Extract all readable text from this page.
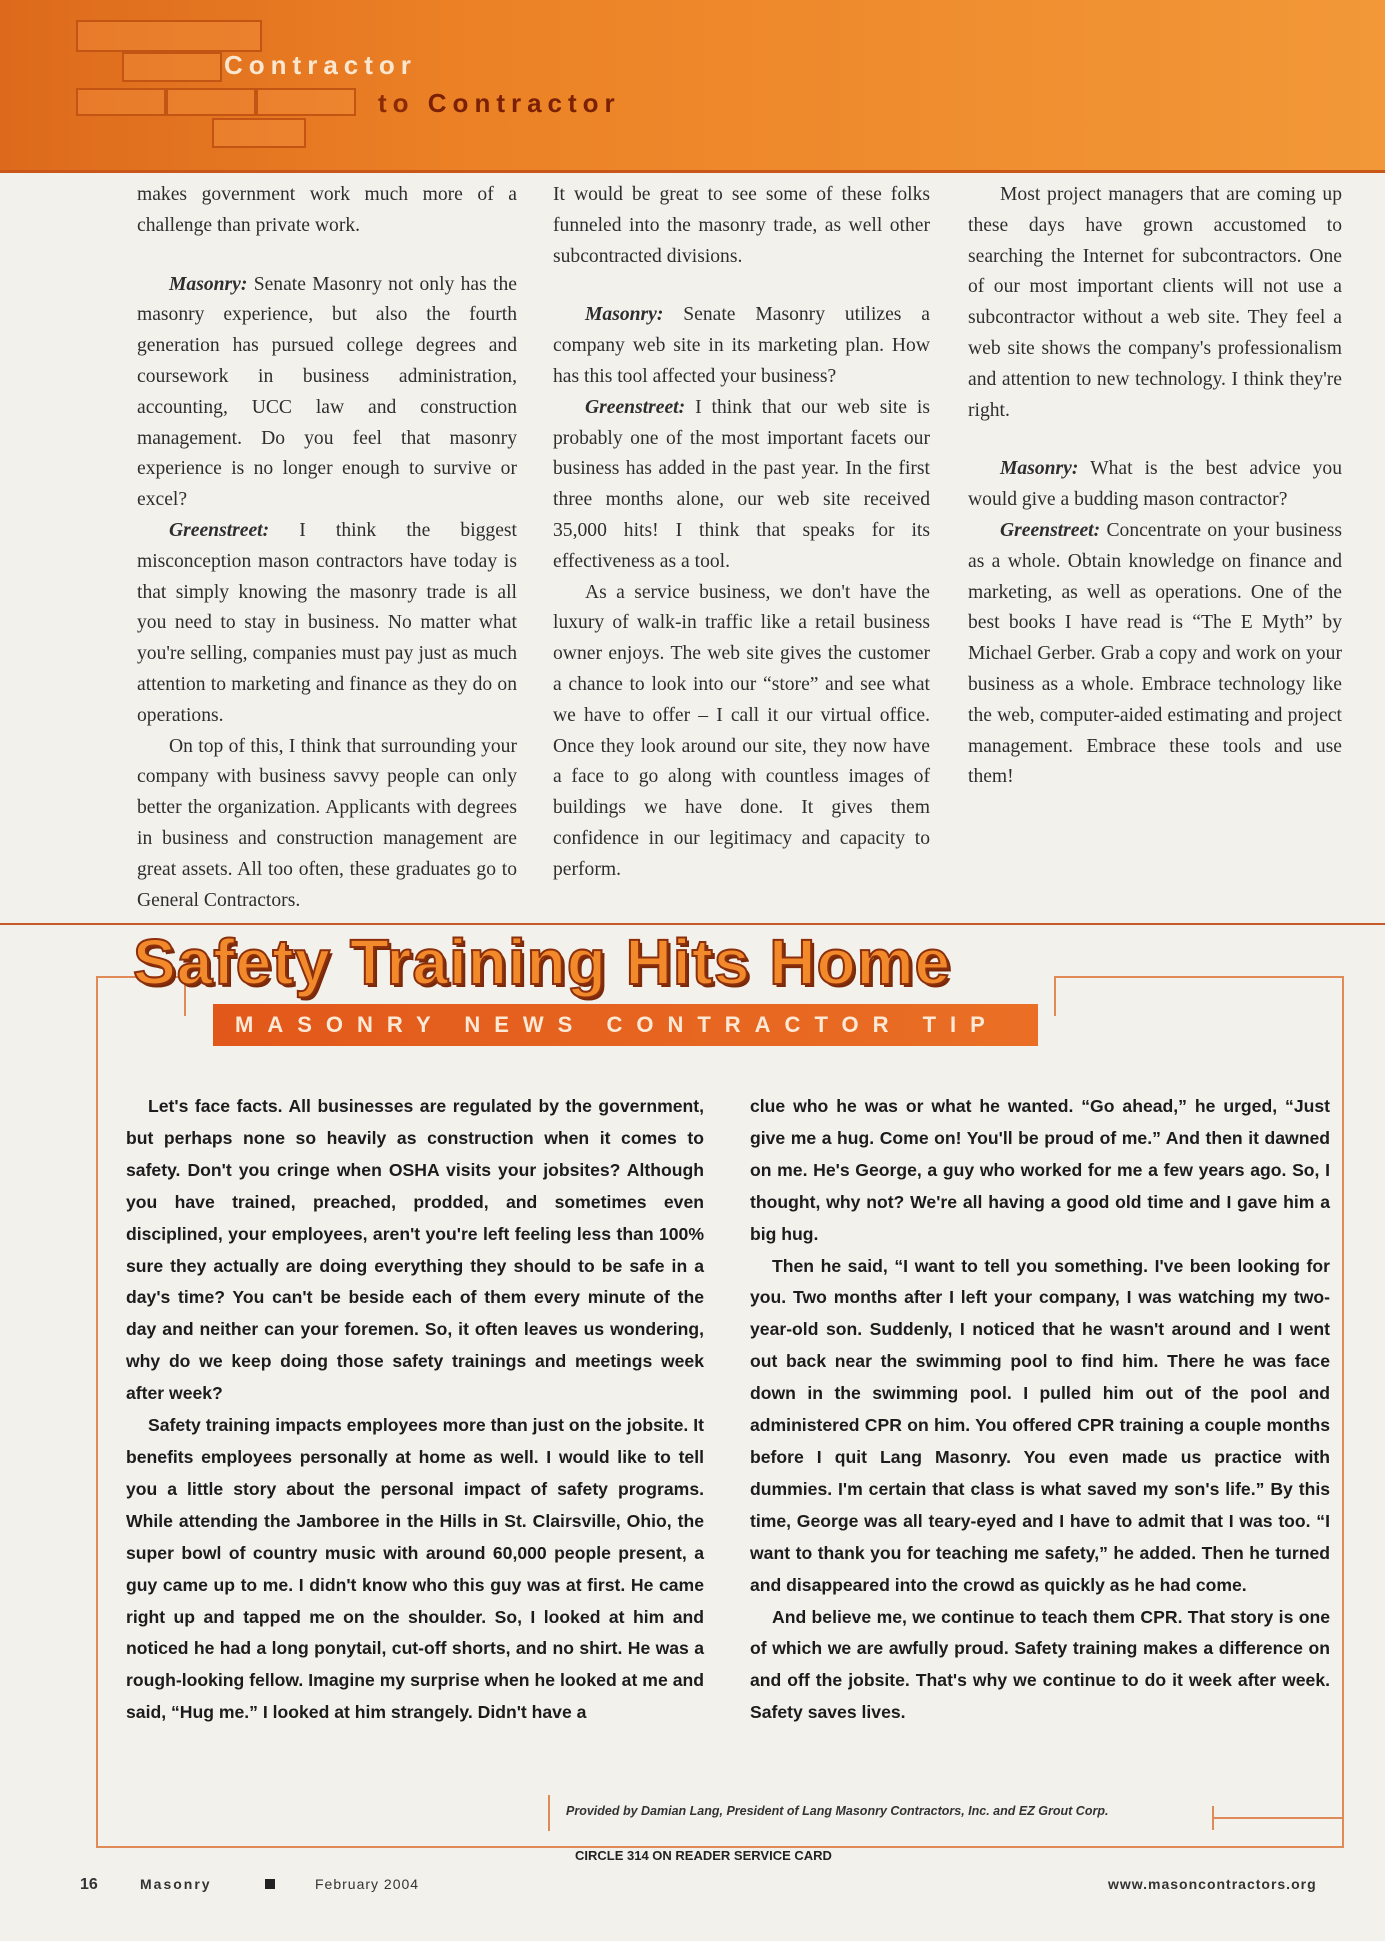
Contractor
to Contractor

makes government work much more of a challenge than private work.

Masonry: Senate Masonry not only has the masonry experience, but also the fourth generation has pursued college degrees and coursework in business administration, accounting, UCC law and construction management. Do you feel that masonry experience is no longer enough to survive or excel?

Greenstreet: I think the biggest misconception mason contractors have today is that simply knowing the masonry trade is all you need to stay in business. No matter what you're selling, companies must pay just as much attention to marketing and finance as they do on operations.

On top of this, I think that surrounding your company with business savvy people can only better the organization. Applicants with degrees in business and construction management are great assets. All too often, these graduates go to General Contractors.

It would be great to see some of these folks funneled into the masonry trade, as well other subcontracted divisions.

Masonry: Senate Masonry utilizes a company web site in its marketing plan. How has this tool affected your business?

Greenstreet: I think that our web site is probably one of the most important facets our business has added in the past year. In the first three months alone, our web site received 35,000 hits! I think that speaks for its effectiveness as a tool.

As a service business, we don't have the luxury of walk-in traffic like a retail business owner enjoys. The web site gives the customer a chance to look into our “store” and see what we have to offer – I call it our virtual office. Once they look around our site, they now have a face to go along with countless images of buildings we have done. It gives them confidence in our legitimacy and capacity to perform.

Most project managers that are coming up these days have grown accustomed to searching the Internet for subcontractors. One of our most important clients will not use a subcontractor without a web site. They feel a web site shows the company's professionalism and attention to new technology. I think they're right.

Masonry: What is the best advice you would give a budding mason contractor?

Greenstreet: Concentrate on your business as a whole. Obtain knowledge on finance and marketing, as well as operations. One of the best books I have read is “The E Myth” by Michael Gerber. Grab a copy and work on your business as a whole. Embrace technology like the web, computer-aided estimating and project management. Embrace these tools and use them!

Safety Training Hits Home
MASONRY NEWS CONTRACTOR TIP

Let's face facts. All businesses are regulated by the government, but perhaps none so heavily as construction when it comes to safety. Don't you cringe when OSHA visits your jobsites? Although you have trained, preached, prodded, and sometimes even disciplined, your employees, aren't you're left feeling less than 100% sure they actually are doing everything they should to be safe in a day's time? You can't be beside each of them every minute of the day and neither can your foremen. So, it often leaves us wondering, why do we keep doing those safety trainings and meetings week after week?

Safety training impacts employees more than just on the jobsite. It benefits employees personally at home as well. I would like to tell you a little story about the personal impact of safety programs. While attending the Jamboree in the Hills in St. Clairsville, Ohio, the super bowl of country music with around 60,000 people present, a guy came up to me. I didn't know who this guy was at first. He came right up and tapped me on the shoulder. So, I looked at him and noticed he had a long ponytail, cut-off shorts, and no shirt. He was a rough-looking fellow. Imagine my surprise when he looked at me and said, “Hug me.” I looked at him strangely. Didn't have a

clue who he was or what he wanted. “Go ahead,” he urged, “Just give me a hug. Come on! You'll be proud of me.” And then it dawned on me. He's George, a guy who worked for me a few years ago. So, I thought, why not? We're all having a good old time and I gave him a big hug.

Then he said, “I want to tell you something. I've been looking for you. Two months after I left your company, I was watching my two-year-old son. Suddenly, I noticed that he wasn't around and I went out back near the swimming pool to find him. There he was face down in the swimming pool. I pulled him out of the pool and administered CPR on him. You offered CPR training a couple months before I quit Lang Masonry. You even made us practice with dummies. I'm certain that class is what saved my son's life.” By this time, George was all teary-eyed and I have to admit that I was too. “I want to thank you for teaching me safety,” he added. Then he turned and disappeared into the crowd as quickly as he had come.

And believe me, we continue to teach them CPR. That story is one of which we are awfully proud. Safety training makes a difference on and off the jobsite. That's why we continue to do it week after week. Safety saves lives.

Provided by Damian Lang, President of Lang Masonry Contractors, Inc. and EZ Grout Corp.
CIRCLE 314 ON READER SERVICE CARD
16	Masonry	February 2004	www.masoncontractors.org
